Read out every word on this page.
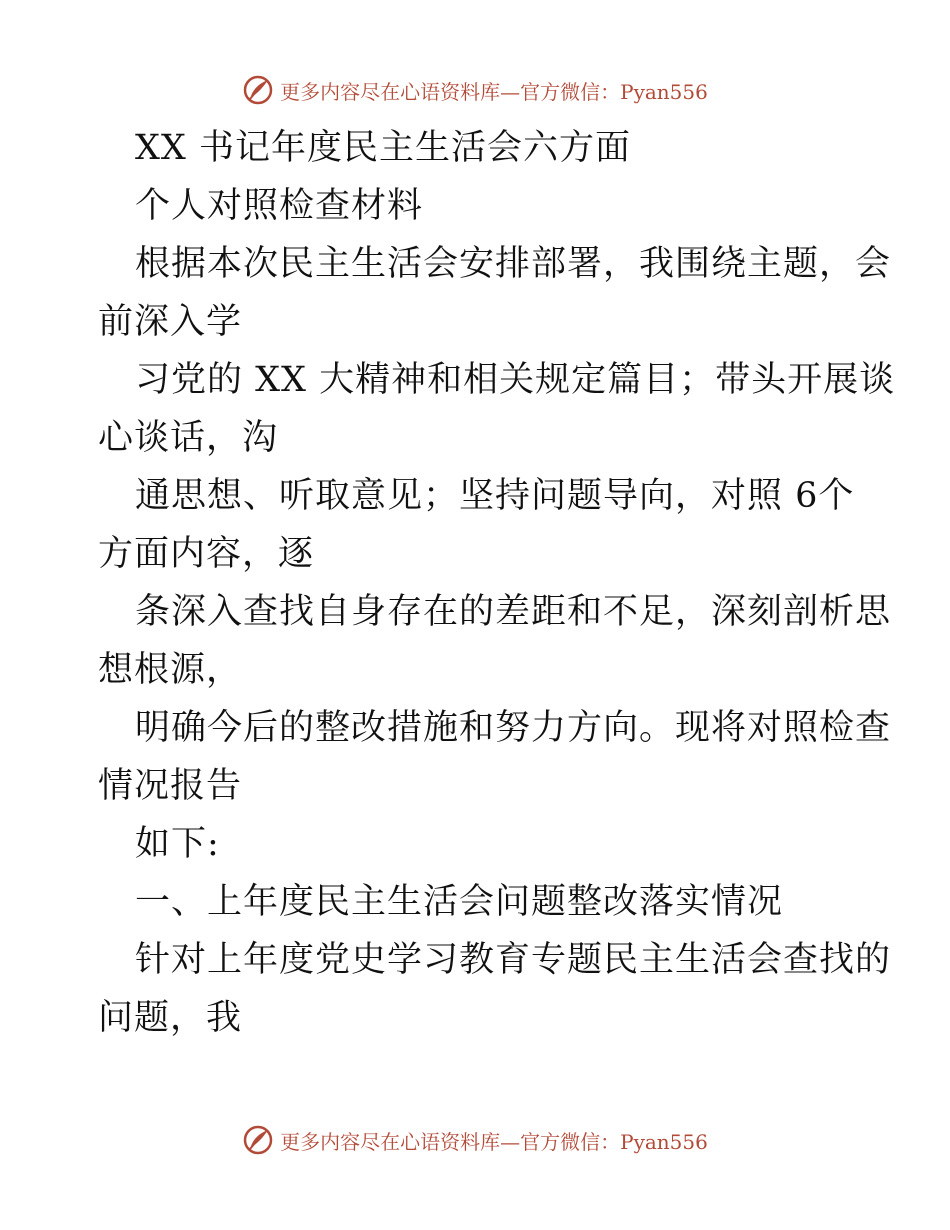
更多内容尽在心语资料库—官方微信：Pyan556
XX 书记年度民主生活会六方面
个人对照检查材料
根据本次民主生活会安排部署，我围绕主题，会
前深入学
习党的 XX 大精神和相关规定篇目；带头开展谈
心谈话，沟
通思想、听取意见；坚持问题导向，对照 6个
方面内容，逐
条深入查找自身存在的差距和不足，深刻剖析思
想根源，
明确今后的整改措施和努力方向。现将对照检查
情况报告
如下:
一、上年度民主生活会问题整改落实情况
针对上年度党史学习教育专题民主生活会查找的
问题，我
更多内容尽在心语资料库—官方微信：Pyan556
